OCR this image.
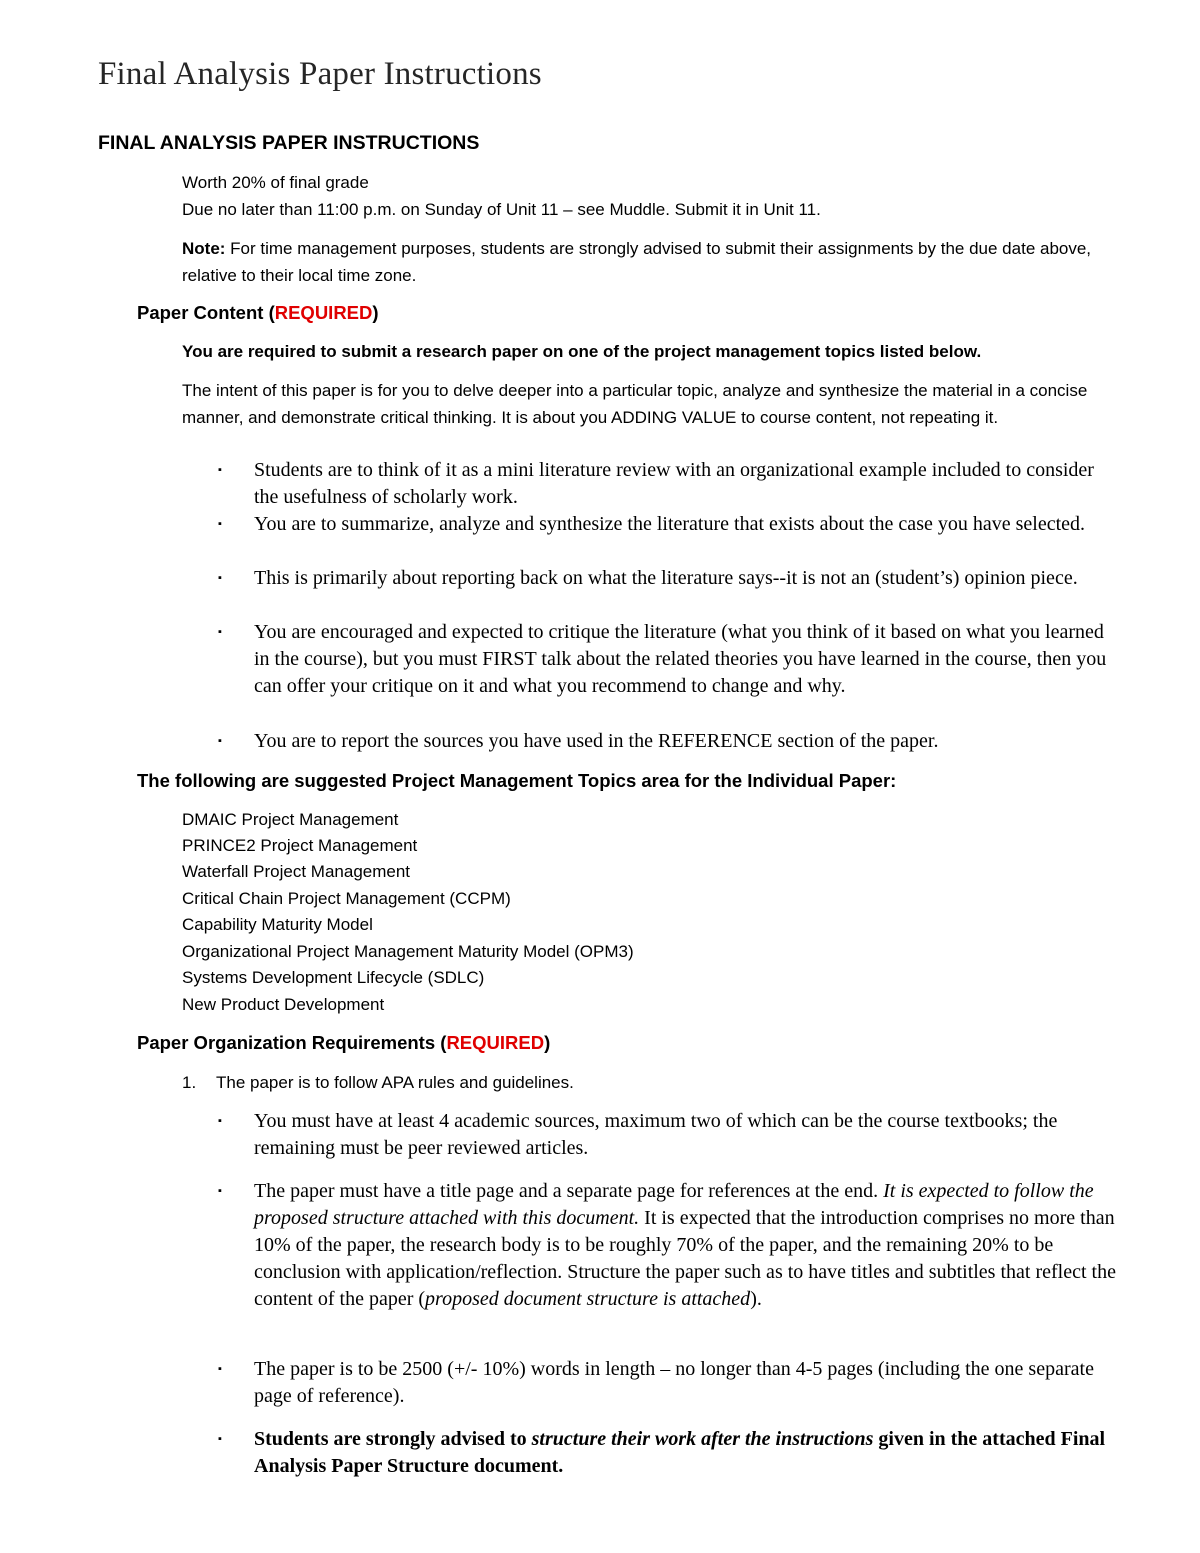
Final Analysis Paper Instructions
FINAL ANALYSIS PAPER INSTRUCTIONS
Worth 20% of final grade
Due no later than 11:00 p.m. on Sunday of Unit 11 – see Muddle. Submit it in Unit 11.
Note: For time management purposes, students are strongly advised to submit their assignments by the due date above, relative to their local time zone.
Paper Content (REQUIRED)
You are required to submit a research paper on one of the project management topics listed below.
The intent of this paper is for you to delve deeper into a particular topic, analyze and synthesize the material in a concise manner, and demonstrate critical thinking. It is about you ADDING VALUE to course content, not repeating it.
▪ Students are to think of it as a mini literature review with an organizational example included to consider the usefulness of scholarly work.
▪ You are to summarize, analyze and synthesize the literature that exists about the case you have selected.
▪ This is primarily about reporting back on what the literature says--it is not an (student’s) opinion piece.
▪ You are encouraged and expected to critique the literature (what you think of it based on what you learned in the course), but you must FIRST talk about the related theories you have learned in the course, then you can offer your critique on it and what you recommend to change and why.
▪ You are to report the sources you have used in the REFERENCE section of the paper.
The following are suggested Project Management Topics area for the Individual Paper:
DMAIC Project Management
PRINCE2 Project Management
Waterfall Project Management
Critical Chain Project Management (CCPM)
Capability Maturity Model
Organizational Project Management Maturity Model (OPM3)
Systems Development Lifecycle (SDLC)
New Product Development
Paper Organization Requirements (REQUIRED)
1. The paper is to follow APA rules and guidelines.
▪ You must have at least 4 academic sources, maximum two of which can be the course textbooks; the remaining must be peer reviewed articles.
▪ The paper must have a title page and a separate page for references at the end. It is expected to follow the proposed structure attached with this document. It is expected that the introduction comprises no more than 10% of the paper, the research body is to be roughly 70% of the paper, and the remaining 20% to be conclusion with application/reflection. Structure the paper such as to have titles and subtitles that reflect the content of the paper (proposed document structure is attached).
▪ The paper is to be 2500 (+/- 10%) words in length – no longer than 4-5 pages (including the one separate page of reference).
▪ Students are strongly advised to structure their work after the instructions given in the attached Final Analysis Paper Structure document.
